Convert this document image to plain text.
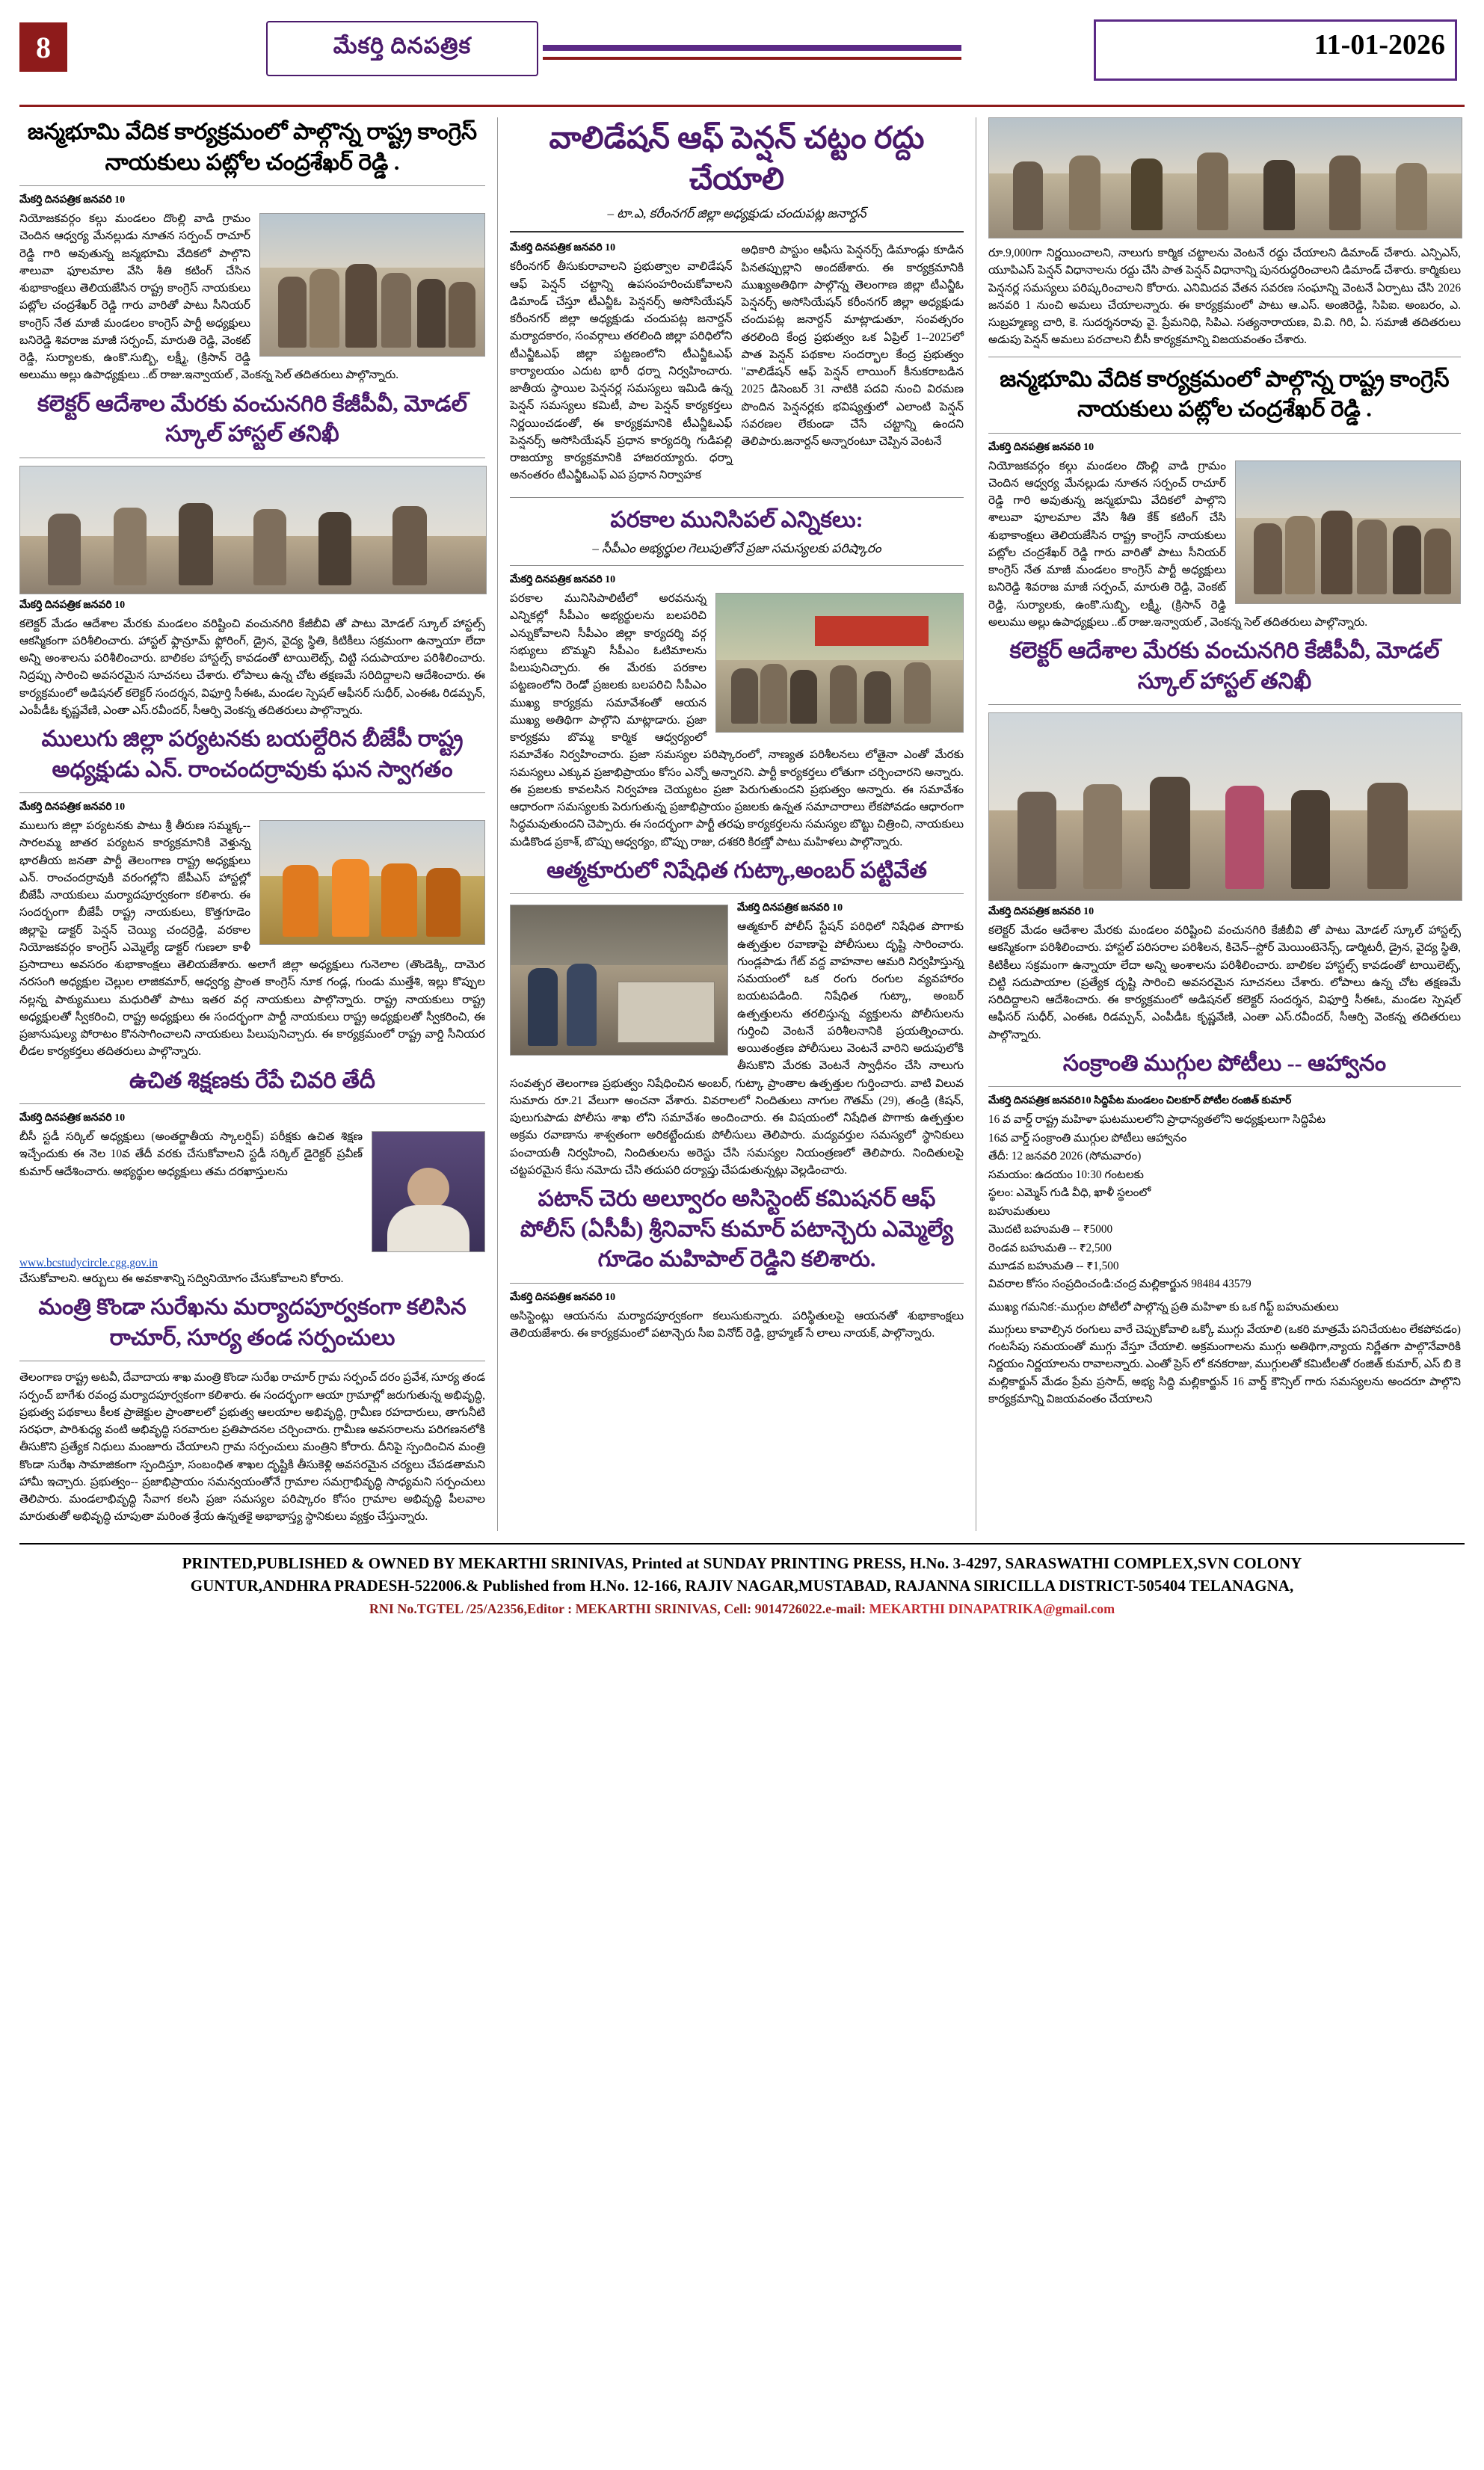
8	మేకర్తి దినపత్రిక	11-01-2026
జన్మభూమి వేదిక కార్యక్రమంలో పాల్గొన్న రాష్ట్ర కాంగ్రెస్ నాయకులు పట్లోల చంద్రశేఖర్ రెడ్డి .
మేకర్తి దినపత్రిక జనవరి 10

నియోజకవర్గం కల్గు మండలం దొంల్లి వాడి గ్రామం చెందిన ఆధ్వర్య మేనల్లుడు నూతన సర్పంచ్ రాచూర్ రెడ్డి గారి అవుతున్న జన్మభూమి వేదికలో పాల్గొని శాలువా ఫూలమాల వేసి శీతి కటింగ్ చేసిన శుభాకాంక్షలు తెలియజేసిన రాష్ట్ర కాంగ్రెస్ నాయకులు పట్లోల చంద్రశేఖర్ రెడ్డి గారు వారితో పాటు సీనియర్ కాంగ్రెస్ నేత మాజీ మండలం కాంగ్రెస్ పార్టీ అధ్యక్షులు బనిరెడ్డి శివరాజ మాజీ సర్పంచ్, మారుతి రెడ్డి, వెంకట్ రెడ్డి, సుర్యాలకు, ఉంకొ.సుబ్బి, లక్ష్మీ, (క్రిసాన్ రెడ్డి అలుము అల్లు ఉపాధ్యక్షులు ..ట్ రాజు.ఇన్వాయల్ , వెంకన్న సెల్ తదితరులు పాల్గొన్నారు.

కలెక్టర్ ఆదేశాల మేరకు వంచునగిరి కేజీపీవీ, మోడల్ స్కూల్ హాస్టల్ తనిఖీ
మేకర్తి దినపత్రిక జనవరి 10

కలెక్టర్ మేడం ఆదేశాల మేరకు మండలం వరిష్టించి వంచునగిరి కేజీబీవి తో పాటు మోడల్ స్కూల్ హాస్టల్స్ ఆకస్మికంగా పరిశీలించారు. హాస్టల్ ఫ్లాన్రూమ్ ఫ్లోరింగ్, డ్రైన, వైద్య స్థితి, కిటికీలు సక్రమంగా ఉన్నాయా లేదా అన్ని అంశాలను పరిశీలించారు. బాలికల హాస్టల్స్ కావడంతో టాయిలెట్స్, చిట్టి సదుపాయాల పరిశీలించారు. నిద్రప్పు సారించి అవసరమైన సూచనలు చేశారు. లోపాలు ఉన్న చోట తక్షణమే సరిదిద్దాలని ఆదేశించారు. ఈ కార్యక్రమంలో అడిషనల్ కలెక్టర్ సందర్శన, విఫూర్తి సీఈఓ, మండల స్పెషల్ ఆఫీసర్ సుధీర్, ఎంఈఓ రిడమ్పన్, ఎంపీడీఓ కృష్ణవేణి, ఎంతా ఎస్.రవీందర్, సీఆర్పి వెంకన్న తదితరులు పాల్గొన్నారు.

ములుగు జిల్లా పర్యటనకు బయల్దేరిన బీజేపీ రాష్ట్ర అధ్యక్షుడు ఎన్. రాంచందర్రావుకు ఘన స్వాగతం
మేకర్తి దినపత్రిక జనవరి 10

ములుగు జిల్లా పర్యటనకు పాటు శ్రీ తీరుణ సమ్మక్క--సారలమ్మ జాతర పర్యటన కార్యక్రమానికి వెళ్తున్న భారతీయ జనతా పార్టీ తెలంగాణ రాష్ట్ర అధ్యక్షులు ఎన్. రాంచందర్రావుకి వరంగల్లోని జేపీఎస్ హాస్టల్లో బీజేపీ నాయకులు మర్యాదపూర్వకంగా కలిశారు. ఈ సందర్భంగా బీజేపీ రాష్ట్ర నాయకులు, కొత్తగూడెం జిల్లాపై డాక్టర్ పెన్షన్ చెయ్యి చందర్రెడ్డి, వరకాల నియోజకవర్గం కాంగ్రెస్ ఎమ్మెల్యే డాక్టర్ గుణలా కాళీ ప్రసాదాలు అవసరం శుభాకాంక్షలు తెలియజేశారు. అలాగే జిల్లా అధ్యక్షులు గునెలాల (తొండెక్కి, దామెర నరసంగి అధ్యక్షుల చెల్లుల లాజికమార్, ఆధ్వర్య ప్రాంత కాంగ్రెస్ నూక గండ్ల, గుండు ముత్తేశి, ఇల్లు కొప్పుల నల్లన్న పాఠ్యుములు మధురితో పాటు ఇతర వర్గ నాయకులు పాల్గొన్నారు. రాష్ట్ర నాయకులు రాష్ట్ర అధ్యక్షులతో స్వీకరించి, రాష్ట్ర అధ్యక్షులు ఈ సందర్భంగా పార్టీ నాయకులు రాష్ట్ర అధ్యక్షులతో స్వీకరించి, ఈ ప్రజానుషుల్య పోరాటం కొనసాగించాలని నాయకులు పిలుపునిచ్చారు. ఈ కార్యక్రమంలో రాష్ట్ర వార్డి సీనియర లీడల కార్యకర్తలు తదితరులు పాల్గొన్నారు.

ఉచిత శిక్షణకు రేపే చివరి తేదీ
మేకర్తి దినపత్రిక జనవరి 10

బీసీ స్టడీ సర్కిల్ అధ్యక్షులు (అంతర్జాతీయ స్కాలర్షిప్) పరీక్షకు ఉచిత శిక్షణ ఇచ్చేందుకు ఈ నెల 10వ తేదీ వరకు చేసుకోవాలని స్టడీ సర్కిల్ డైరెక్టర్ ప్రవీణ్ కుమార్ ఆదేశించారు. అభ్యర్థుల అధ్యక్షులు తమ దరఖాస్తులను

www.bcstudycircle.cgg.gov.in

చేసుకోవాలని. ఆర్బులు ఈ అవకాశాన్ని సద్వినియోగం చేసుకోవాలని కోరారు.

మంత్రి కొండా సురేఖను మర్యాదపూర్వకంగా కలిసిన రాచూర్, సూర్య తండ సర్పంచులు

తెలంగాణ రాష్ట్ర అటవీ, దేవాదాయ శాఖ మంత్రి కొండా సురేఖ రాచూర్ గ్రామ సర్పంచ్ దరం ప్రవేశ, సూర్య తండ సర్పంచ్ బాగేశు రవంద్ర మర్యాదపూర్వకంగా కలిశారు. ఈ సందర్భంగా ఆయా గ్రామాల్లో జరుగుతున్న అభివృద్ధి, ప్రభుత్వ పథకాలు కీలక ప్రాజెక్టుల ప్రాంతాలలో ప్రభుత్వ ఆలయాల అభివృద్ధి, గ్రామీణ రహదారులు, తాగునీటి సరఫరా, పారిశుధ్య వంటి అభివృద్ధి సరవారుల ప్రతిపాదనల చర్చించారు. గ్రామీణ అవసరాలను పరిగణనలోకి తీసుకొని ప్రత్యేక నిధులు మంజూరు చేయాలని గ్రామ సర్పంచులు మంత్రిని కోరారు. దీనిపై స్పందించిన మంత్రి కొండా సురేఖ సామాజికంగా స్పందిస్తూ, సంబంధిత శాఖల దృష్టికి తీసుకెళ్లి అవసరమైన చర్యలు చేపడతామని హామీ ఇచ్చారు. ప్రభుత్వం-- ప్రజాభిప్రాయం సమన్వయంతోనే గ్రామాల సమగ్రాభివృద్ధి సాధ్యమని సర్పంచులు తెలిపారు. మండలాభివృద్ధి సేవాగ కలసి ప్రజా సమస్యల పరిష్కారం కోసం గ్రామాల అభివృద్ధి పీలవాల మారుతుతో అభివృద్ధి చూపుతా మరింత శ్రేయ ఉన్నతకై అభాభాస్త్య స్థానికులు వ్యక్తం చేస్తున్నారు.

వాలిడేషన్ ఆఫ్ పెన్షన్ చట్టం రద్దు చేయాలి
– టా.ఎ, కరీంనగర్ జిల్లా అధ్యక్షుడు చందుపట్ల జనార్దన్
మేకర్తి దినపత్రిక జనవరి 10

కరీంనగర్ తీసుకురావాలని ప్రభుత్వాల వాలిడేషన్ ఆఫ్ పెన్షన్ చట్టాన్ని ఉపసంహరించుకోవాలని డిమాండ్ చేస్తూ టీఎన్జీఓ పెన్షనర్స్ అసోసియేషన్ కరీంనగర్ జిల్లా అధ్యక్షుడు చందుపట్ల జనార్దన్ మర్యాదకారం, సంవర్గాలు తరలింది జిల్లా పరిధిలోని టీఎన్జీఓఎఫ్ జిల్లా పట్టణంలోని టీఎన్జీఓఎఫ్ కార్యాలయం ఎదుట భారీ ధర్నా నిర్వహించారు. జాతీయ స్థాయిల పెన్షనర్ల సమస్యలు ఇమిడి ఉన్న పెన్షన్ సమస్యలు కమిటీ, పాల పెన్షన్ కార్యకర్తలు నిర్ణయించడంతో, ఈ కార్యక్రమానికి టీఎన్జీఓఎఫ్ పెన్షనర్స్ అసోసియేషన్ ప్రధాన కార్యదర్శి గుడిపల్లి రాజయ్యా కార్యక్రమానికి హాజరయ్యారు. ధర్నా అనంతరం టీఎన్జీఓఎఫ్ ఎప ప్రధాన నిర్వాహక

అధికారి పాస్టుం ఆఫీసు పెన్షనర్స్ డిమాండ్లు కూడిన పినతప్పుల్లాని అందజేశారు. ఈ కార్యక్రమానికి ముఖ్యఅతిథిగా పాల్గొన్న తెలంగాణ జిల్లా టీఎన్జీఓ పెన్షనర్స్ అసోసియేషన్ కరీంనగర్ జిల్లా అధ్యక్షుడు చందుపట్ల జనార్దన్ మాట్లాడుతూ, సంవత్సరం తరలింది కేంద్ర ప్రభుత్వం ఒక ఏప్రిల్ 1--2025లో పాత పెన్షన్ పథకాల సందర్భాల కేంద్ర ప్రభుత్వం "వాలిడేషన్ ఆఫ్ పెన్షన్ లాయింగ్ కీనుకరాబడిన 2025 డిసెంబర్ 31 నాటికి పదవి నుంచి విరమణ పొందిన పెన్షనర్లకు భవిష్యత్తులో ఎలాంటి పెన్షన్ సవరణల లేకుండా చేసే చట్టాన్ని ఉందని తెలిపారు.జనార్దన్ అన్నారంటూ చెప్పిన వెంటనే

పరకాల మునిసిపల్ ఎన్నికలు:
– సీపీఎం అభ్యర్థుల గెలుపుతోనే ప్రజా సమస్యలకు పరిష్కారం
మేకర్తి దినపత్రిక జనవరి 10

పరకాల మునిసిపాలిటీలో అరవనున్న ఎన్నికల్లో సీపీఎం అభ్యర్థులను బలపరిచి ఎన్నుకోవాలని సీపీఎం జిల్లా కార్యదర్శి వర్గ సభ్యులు బొమ్మని సీపీఎం ఓటిమాలను పిలుపునిచ్చారు. ఈ మేరకు పరకాల పట్టణంలోని రెండో ప్రజలకు బలపరిచి సీపీఎం ముఖ్య కార్యక్రమ సమావేశంతో ఆయన ముఖ్య అతిథిగా పాల్గొని మాట్లాడారు. ప్రజా కార్యక్రమ బొమ్మ కార్మిక ఆధ్వర్యంలో సమావేశం నిర్వహించారు. ప్రజా సమస్యల పరిష్కారంలో, నాణ్యత పరిశీలనలు లోతైనా ఎంతో మేరకు సమస్యలు ఎక్కువ ప్రజాభిప్రాయం కోసం ఎన్నో అన్నారని. పార్టీ కార్యకర్తలు లోతుగా చర్చించారని అన్నారు. ఈ ప్రజలకు కావలసిన నిర్వహణ చెయ్యటం ప్రజా పెరుగుతుందని ప్రభుత్వం అన్నారు. ఈ సమావేశం ఆధారంగా సమస్యలకు పెరుగుతున్న ప్రజాభిప్రాయం ప్రజలకు ఉన్నత సమాచారాలు లేకపోవడం ఆధారంగా సిద్ధమవుతుందని చెప్పారు. ఈ సందర్భంగా పార్టీ తరఫు కార్యకర్తలను సమస్యల బొట్టు చిత్రించి, నాయకులు మడికొండ ప్రకాశ్, బొప్పు ఆధ్వర్యం, బొప్పు రాజు, దశకరి కిరణ్తో పాటు మహిళలు పాల్గొన్నారు.

ఆత్మకూరులో నిషేధిత గుట్కా,అంబర్ పట్టివేత
మేకర్తి దినపత్రిక జనవరి 10

ఆత్మకూర్ పోలీస్ స్టేషన్ పరిధిలో నిషేధిత పొగాకు ఉత్పత్తుల రవాణాపై పోలీసులు దృష్టి సారించారు. గుండ్లపాడు గేట్ వద్ద వాహనాల ఆమరి నిర్వహిస్తున్న సమయంలో ఒక రంగు రంగుల వ్యవహారం బయటపడింది. నిషేధిత గుట్కా, అంబర్ ఉత్పత్తులను తరలిస్తున్న వ్యక్తులను పోలీసులను గుర్తించి వెంటనే పరిశీలనానికి ప్రయత్నించారు. అయితంత్రణ పోలీసులు వెంటనే వారిని అదుపులోకి తీసుకొని మేరకు వెంటనే స్వాధీనం చేసి నాలుగు సంవత్సర తెలంగాణ ప్రభుత్వం నిషేధించిన అంబర్, గుట్కా ప్రాంతాల ఉత్పత్తుల గుర్తించారు. వాటి విలువ సుమారు రూ.21 వేలుగా అంచనా వేశారు. వివరాలలో నిందితులు నాగుల గౌతమ్ (29), తండ్రి (కిషన్, పులుగుపాడు పోలీసు శాఖ లోని సమావేశం అందించారు. ఈ విషయంలో నిషేధిత పొగాకు ఉత్పత్తుల అక్రమ రవాణాను శాశ్వతంగా అరికట్టేందుకు పోలీసులు తెలిపారు. మద్యవర్తుల సమస్యలో స్థానికులు పంచాయతీ నిర్వహించి, నిందితులను అరెస్టు చేసి సమస్యల నియంత్రణలో తెలిపారు. నిందితులపై చట్టపరమైన కేసు నమోదు చేసి తదుపరి దర్యాప్తు చేపడుతున్నట్లు వెల్లడించారు.

పటాన్ చెరు అల్వూరం అసిస్టెంట్ కమిషనర్ ఆఫ్ పోలీస్ (ఏసీపీ) శ్రీనివాస్ కుమార్ పటాన్చెరు ఎమ్మెల్యే గూడెం మహిపాల్ రెడ్డిని కలిశారు.
మేకర్తి దినపత్రిక జనవరి 10

అసిస్టెంట్లు ఆయనను మర్యాదపూర్వకంగా కలుసుకున్నారు. పరిస్థితులపై ఆయనతో శుభాకాంక్షలు తెలియజేశారు. ఈ కార్యక్రమంలో పటాన్చెరు సీఐ వినోద్ రెడ్డి, బ్రాహ్మణ్ సే లాలు నాయక్, పాల్గొన్నారు.

రూ.9,000గా నిర్ణయించాలని, నాలుగు కార్మిక చట్టాలను వెంటనే రద్దు చేయాలని డిమాండ్ చేశారు. ఎన్పిఎస్, యూపిఎస్ పెన్షన్ విధానాలను రద్దు చేసి పాత పెన్షన్ విధానాన్ని పునరుద్ధరించాలని డిమాండ్ చేశారు. కార్మికులు పెన్షనర్ల సమస్యలు పరిష్కరించాలని కోరారు. ఎనిమిదవ వేతన సవరణ సంఘాన్ని వెంటనే ఏర్పాటు చేసి 2026 జనవరి 1 నుంచి అమలు చేయాలన్నారు. ఈ కార్యక్రమంలో పాటు ఆ.ఎస్. అంజిరెడ్డి, సిపిఐ. అంబరం, ఎ. సుబ్రహ్మణ్య చారి, కె. సుదర్శనరావు వై. ప్రేమనిధి, సిపిఎ. సత్యనారాయణ, వి.వి. గిరి, ఏ. సమాజీ తదితరులు అడుపు పెన్షన్ అమలు పరచాలని బీసీ కార్యక్రమాన్ని విజయవంతం చేశారు.

జన్మభూమి వేదిక కార్యక్రమంలో పాల్గొన్న రాష్ట్ర కాంగ్రెస్ నాయకులు పట్లోల చంద్రశేఖర్ రెడ్డి .
మేకర్తి దినపత్రిక జనవరి 10

నియోజకవర్గం కల్గు మండలం దొంల్లి వాడి గ్రామం చెందిన ఆధ్వర్య మేనల్లుడు నూతన సర్పంచ్ రాచూర్ రెడ్డి గారి అవుతున్న జన్మభూమి వేదికలో పాల్గొని శాలువా ఫూలమాల వేసి శీతి కేక్ కటింగ్ చేసి శుభాకాంక్షలు తెలియజేసిన రాష్ట్ర కాంగ్రెస్ నాయకులు పట్లోల చంద్రశేఖర్ రెడ్డి గారు వారితో పాటు సీనియర్ కాంగ్రెస్ నేత మాజీ మండలం కాంగ్రెస్ పార్టీ అధ్యక్షులు బనిరెడ్డి శివరాజ మాజీ సర్పంచ్, మారుతి రెడ్డి, వెంకట్ రెడ్డి, సుర్యాలకు, ఉంకొ.సుబ్బి, లక్ష్మీ, (క్రిసాన్ రెడ్డి అలుము అల్లు ఉపాధ్యక్షులు ..ట్ రాజు.ఇన్వాయల్ , వెంకన్న సెల్ తదితరులు పాల్గొన్నారు.

కలెక్టర్ ఆదేశాల మేరకు వంచునగిరి కేజీపీవీ, మోడల్ స్కూల్ హాస్టల్ తనిఖీ
మేకర్తి దినపత్రిక జనవరి 10

కలెక్టర్ మేడం ఆదేశాల మేరకు మండలం వరిష్టించి వంచునగిరి కేజీబీవి తో పాటు మోడల్ స్కూల్ హాస్టల్స్ ఆకస్మికంగా పరిశీలించారు. హాస్టల్ పరిసరాల పరిశీలన, కిచెన్--స్టోర్ మెయింటెనెన్స్, డార్మిటరీ, డ్రైన, వైద్య స్థితి, కిటికీలు సక్రమంగా ఉన్నాయా లేదా అన్ని అంశాలను పరిశీలించారు. బాలికల హాస్టల్స్ కావడంతో టాయిలెట్స్, చిట్టి సదుపాయాల (ప్రత్యేక దృష్టి సారించి అవసరమైన సూచనలు చేశారు. లోపాలు ఉన్న చోట తక్షణమే సరిదిద్దాలని ఆదేశించారు. ఈ కార్యక్రమంలో అడిషనల్ కలెక్టర్ సందర్శన, విఫూర్తి సీఈఓ, మండల స్పెషల్ ఆఫీసర్ సుధీర్, ఎంఈఓ రిడమ్పన్, ఎంపీడీఓ కృష్ణవేణి, ఎంతా ఎస్.రవీందర్, సీఆర్పి వెంకన్న తదితరులు పాల్గొన్నారు.

సంక్రాంతి ముగ్గుల పోటీలు -- ఆహ్వానం
మేకర్తి దినపత్రిక జనవరి10 సిద్దిపేట మండలం చిలకూర్ పోటీల రంజిత్ కుమార్
16 వ వార్డ్ రాష్ట్ర మహిళా ఘటములలోని ప్రాధాన్యతలోని అధ్యక్షులుగా సిద్ధిపేట
16వ వార్డ్ సంక్రాంతి ముగ్గుల పోటీలు ఆహ్వానం
తేదీ: 12 జనవరి 2026 (సోమవారం)
సమయం: ఉదయం 10:30 గంటలకు
స్థలం: ఎమ్మెస్ గుడి వీధి, ఖాళీ స్థలంలో
బహుమతులు
మొదటి బహుమతి -- ₹5000
రెండవ బహుమతి -- ₹2,500
మూడవ బహుమతి -- ₹1,500

వివరాల కోసం సంప్రదించండి:చంద్ర మల్లికార్జున 98484 43579

ముఖ్య గమనిక:-ముగ్గుల పోటీలో పాల్గొన్న ప్రతి మహిళా కు ఒక గిఫ్ట్ బహుమతులు

ముగ్గులు కావాల్సిన రంగులు వారే చెప్పుకోవాలి ఒక్కో ముగ్గు వేయాలి (ఒకరి మాత్రమే పనిచేయటం లేకపోవడం) గంటసేపు సమయంతో ముగ్గు వేస్తూ చేయాలి. అక్రమంగాలను ముగ్గు అతిథిగా,న్యాయ నిర్ణేతగా పాల్గొనేవారికి నిర్ణయం నిర్ణయాలను రావాలన్నారు. ఎంతో ప్రెస్ లో కనకరాజు, ముగ్గులతో కమిటీలతో రంజిత్ కుమార్, ఎస్ బి కె మల్లికార్జున్ మేడం ప్రేమ ప్రసాద్, అభ్య సిద్ది మల్లికార్జున్ 16 వార్డ్ కౌన్సిల్ గారు సమస్యలను అందరూ పాల్గొని కార్యక్రమాన్ని విజయవంతం చేయాలని

PRINTED,PUBLISHED & OWNED BY MEKARTHI SRINIVAS, Printed at SUNDAY PRINTING PRESS, H.No. 3-4297, SARASWATHI COMPLEX,SVN COLONY
GUNTUR,ANDHRA PRADESH-522006.& Published from H.No. 12-166, RAJIV NAGAR,MUSTABAD, RAJANNA SIRICILLA DISTRICT-505404 TELANAGNA,
RNI No.TGTEL /25/A2356,Editor : MEKARTHI SRINIVAS, Cell: 9014726022.e-mail: MEKARTHI DINAPATRIKA@gmail.com
